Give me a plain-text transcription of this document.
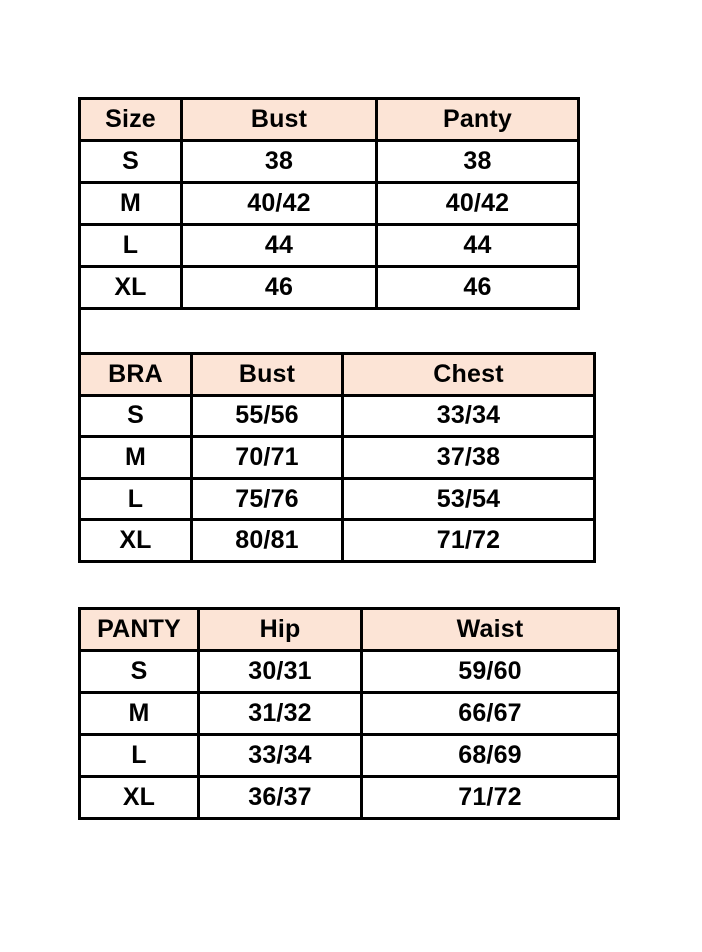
Size	Bust	Panty
S	38	38
M	40/42	40/42
L	44	44
XL	46	46
BRA	Bust	Chest
S	55/56	33/34
M	70/71	37/38
L	75/76	53/54
XL	80/81	71/72
PANTY	Hip	Waist
S	30/31	59/60
M	31/32	66/67
L	33/34	68/69
XL	36/37	71/72
